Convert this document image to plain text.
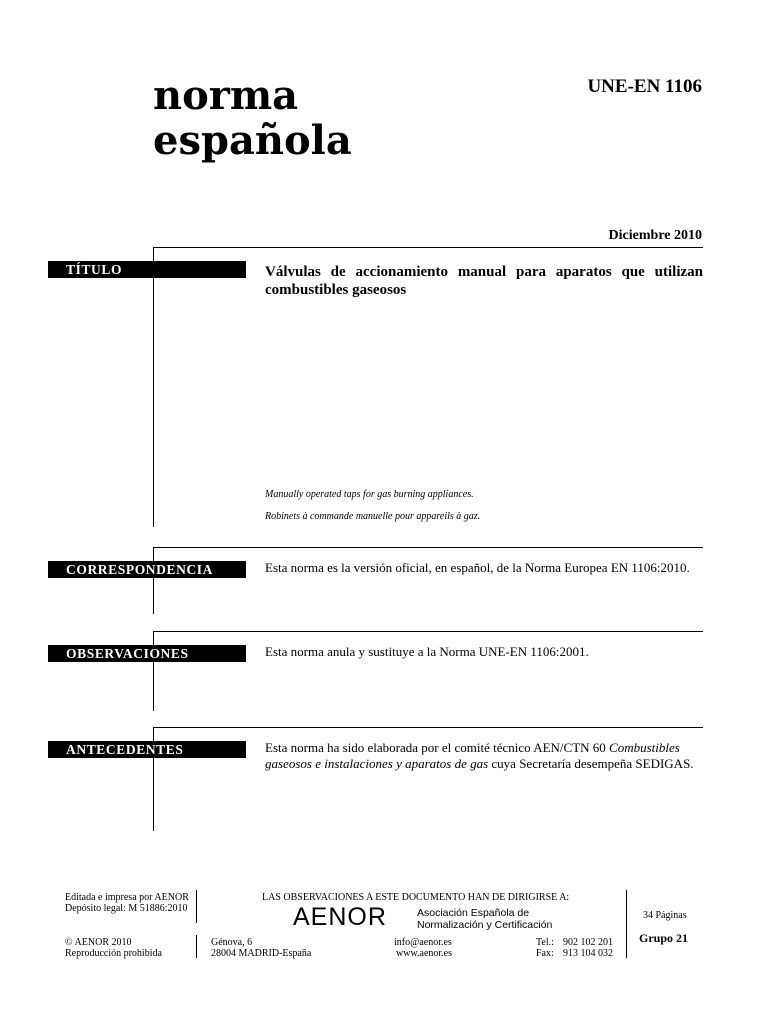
norma
española
UNE-EN 1106
Diciembre 2010
TÍTULO	Válvulas de accionamiento manual para aparatos que utilizan combustibles gaseosos
Manually operated taps for gas burning appliances.
Robinets à commande manuelle pour appareils à gaz.
CORRESPONDENCIA	Esta norma es la versión oficial, en español, de la Norma Europea EN 1106:2010.
OBSERVACIONES	Esta norma anula y sustituye a la Norma UNE-EN 1106:2001.
ANTECEDENTES	Esta norma ha sido elaborada por el comité técnico AEN/CTN 60 Combustibles gaseosos e instalaciones y aparatos de gas cuya Secretaría desempeña SEDIGAS.
Editada e impresa por AENOR
Depósito legal: M 51886:2010
© AENOR 2010
Reproducción prohibida
LAS OBSERVACIONES A ESTE DOCUMENTO HAN DE DIRIGIRSE A:
AENOR	Asociación Española de
Normalización y Certificación
Génova, 6
28004 MADRID-España
info@aenor.es
www.aenor.es
Tel.: 902 102 201
Fax: 913 104 032
34 Páginas
Grupo 21
